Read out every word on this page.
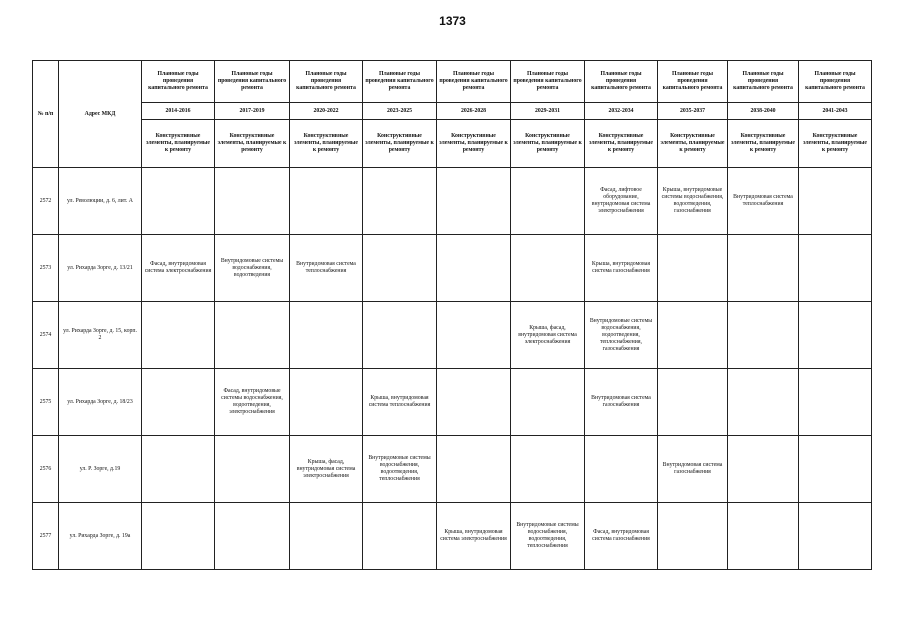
1373
№ п/п	Адрес МКД	Плановые годы проведения капитального ремонта	Плановые годы проведения капитального ремонта	Плановые годы проведения капитального ремонта	Плановые годы проведения капитального ремонта	Плановые годы проведения капитального ремонта	Плановые годы проведения капитального ремонта	Плановые годы проведения капитального ремонта	Плановые годы проведения капитального ремонта	Плановые годы проведения капитального ремонта	Плановые годы проведения капитального ремонта
		2014-2016	2017-2019	2020-2022	2023-2025	2026-2028	2029-2031	2032-2034	2035-2037	2038-2040	2041-2043
		Конструктивные элементы, планируемые к ремонту	Конструктивные элементы, планируемые к ремонту	Конструктивные элементы, планируемые к ремонту	Конструктивные элементы, планируемые к ремонту	Конструктивные элементы, планируемые к ремонту	Конструктивные элементы, планируемые к ремонту	Конструктивные элементы, планируемые к ремонту	Конструктивные элементы, планируемые к ремонту	Конструктивные элементы, планируемые к ремонту	Конструктивные элементы, планируемые к ремонту
2572	ул. Революции, д. 6, лит. А							Фасад, лифтовое оборудование, внутридомовая система электроснабжения	Крыша, внутридомовые системы водоснабжения, водоотведения, газоснабжения	Внутридомовая система теплоснабжения	
2573	ул. Рихарда Зорге, д. 13/21	Фасад, внутридомовая система электроснабжения	Внутридомовые системы водоснабжения, водоотведения	Внутридомовая система теплоснабжения				Крыша, внутридомовая система газоснабжения			
2574	ул. Рихарда Зорге, д. 15, корп. 2						Крыша, фасад, внутридомовая система электроснабжения	Внутридомовые системы водоснабжения, водоотведения, теплоснабжения, газоснабжения			
2575	ул. Рихарда Зорге, д. 18/23		Фасад, внутридомовые системы водоснабжения, водоотведения, электроснабжения		Крыша, внутридомовая система теплоснабжения			Внутридомовая система газоснабжения			
2576	ул. Р. Зорге, д.19			Крыша, фасад, внутридомовая система электроснабжения	Внутридомовые системы водоснабжения, водоотведения, теплоснабжения				Внутридомовая система газоснабжения		
2577	ул. Рихарда Зорге, д. 19а					Крыша, внутридомовая система электроснабжения	Внутридомовые системы водоснабжения, водоотведения, теплоснабжения	Фасад, внутридомовая система газоснабжения			
